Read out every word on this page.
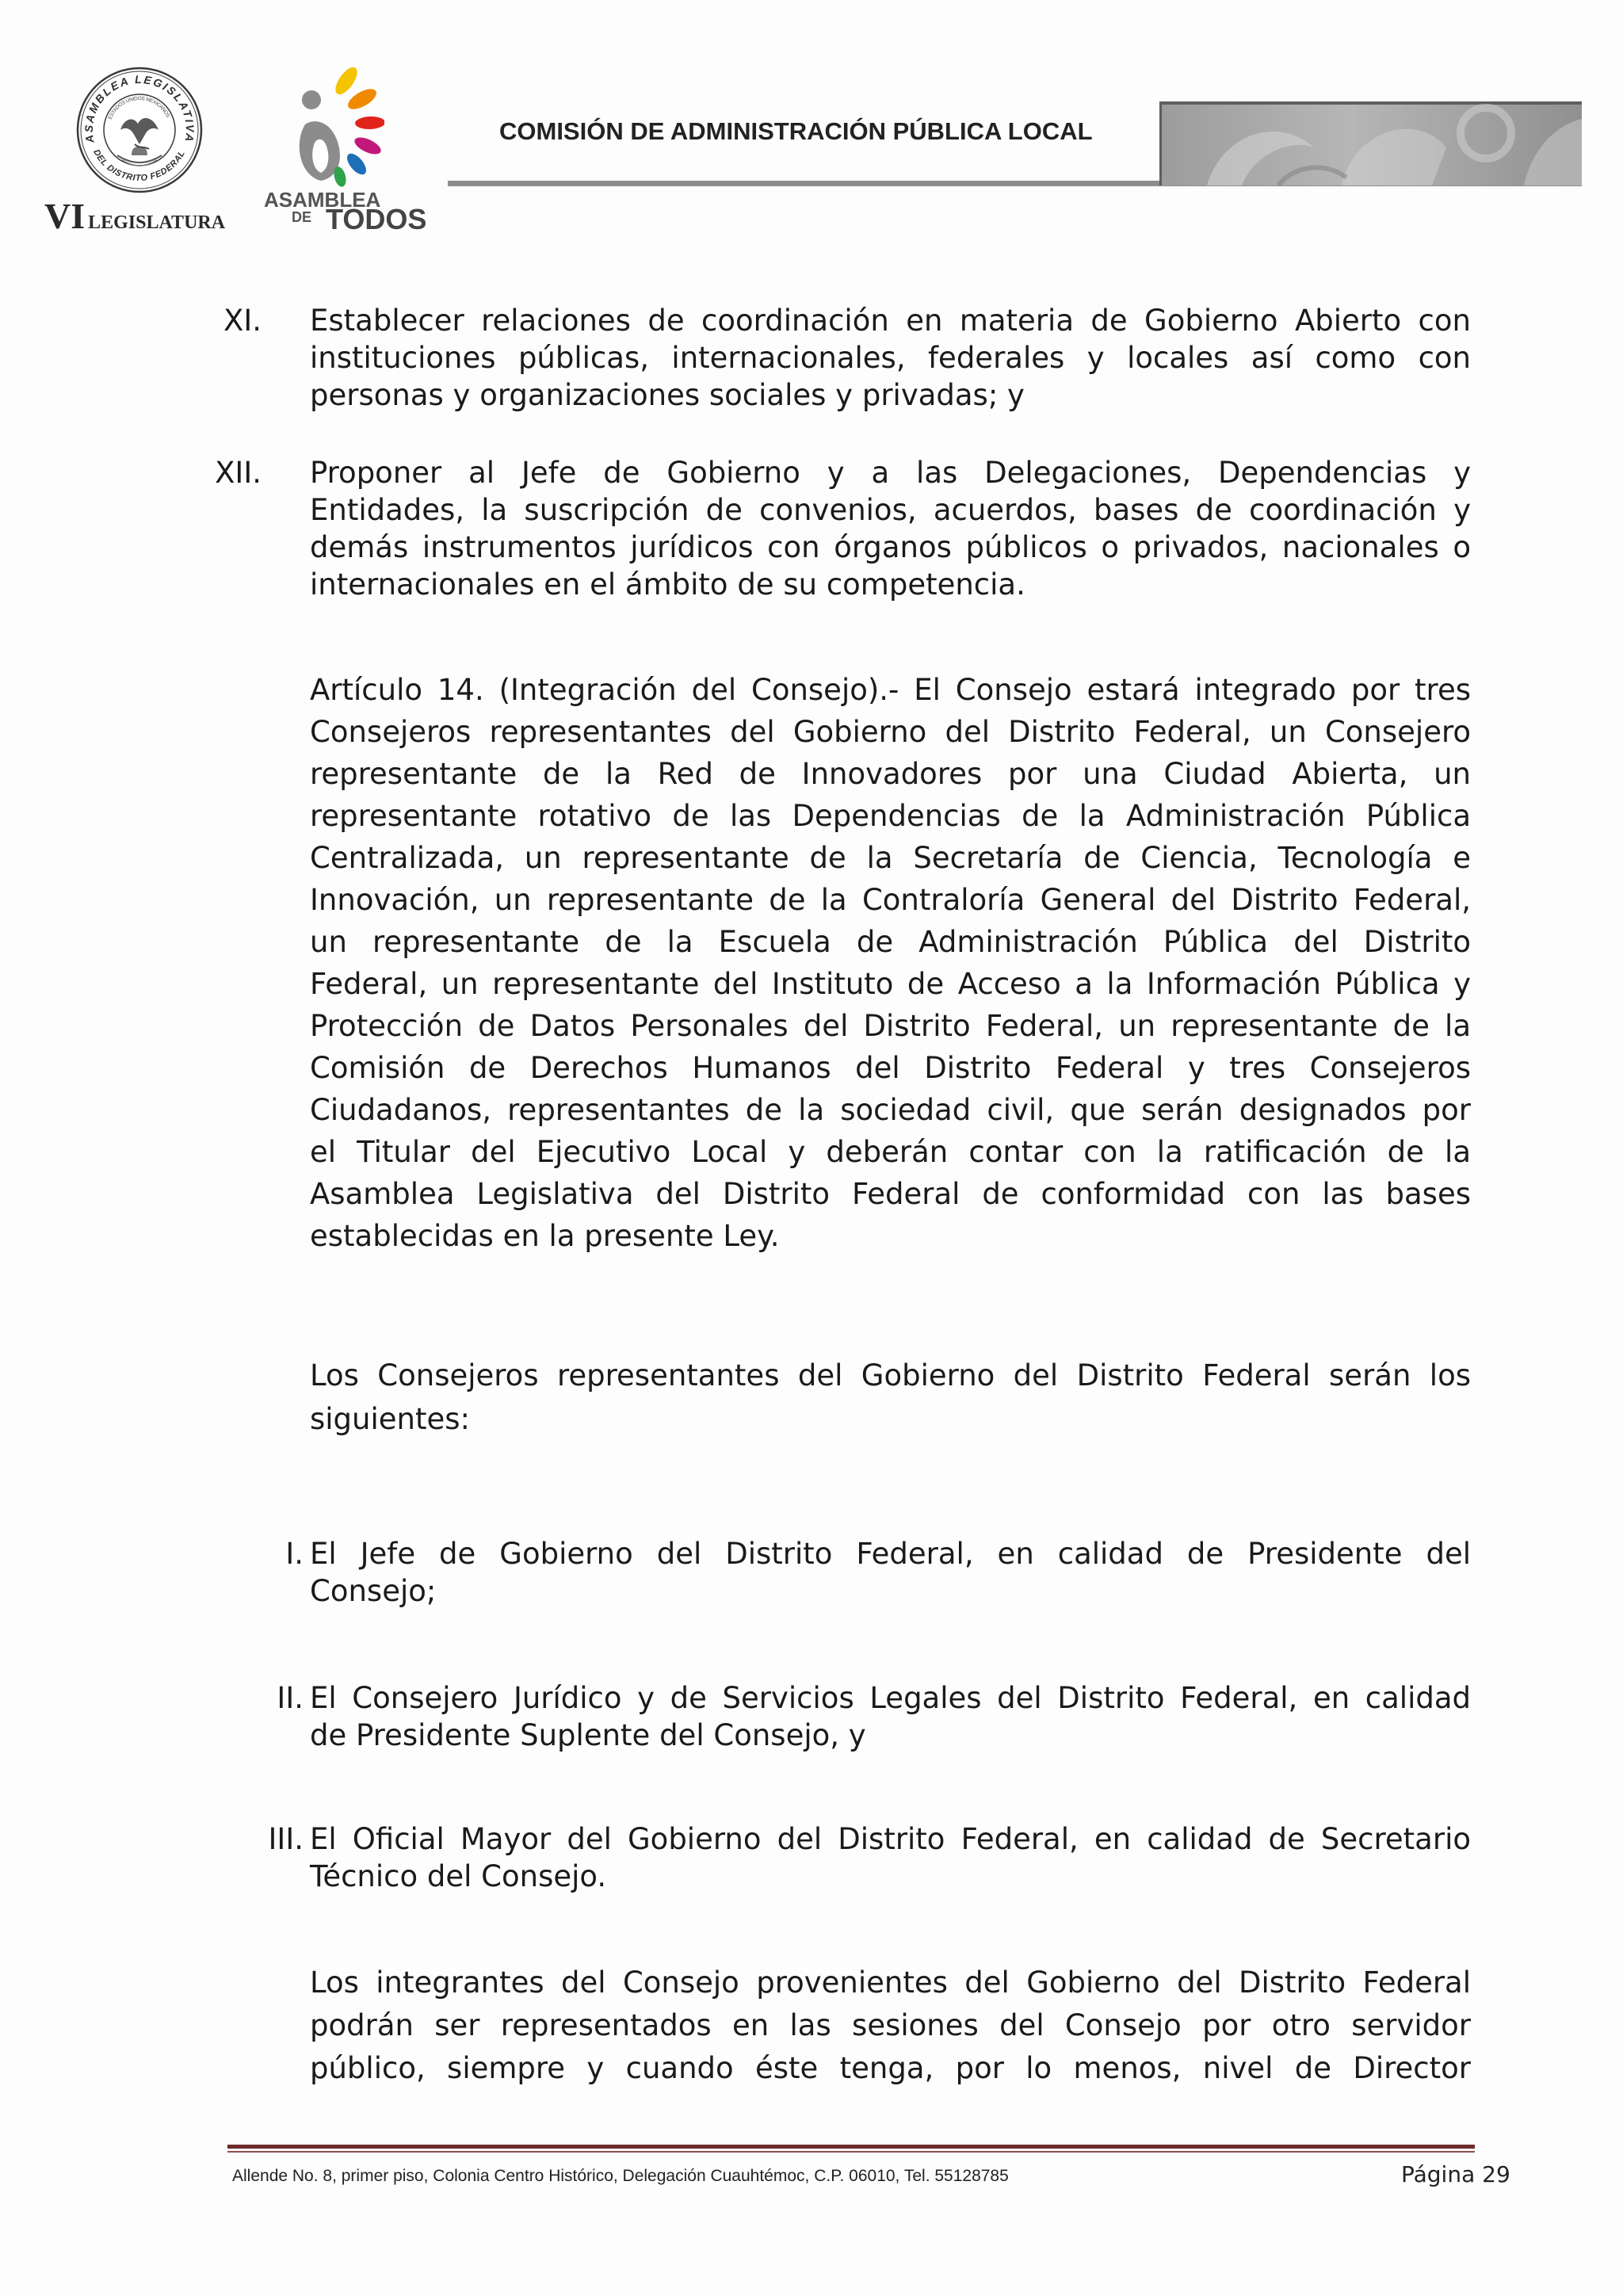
ASAMBLEA LEGISLATIVA
DEL DISTRITO FEDERAL
ESTADOS UNIDOS MEXICANOS
VI LEGISLATURA
ASAMBLEA
DE TODOS
COMISIÓN DE ADMINISTRACIÓN PÚBLICA LOCAL
XI. Establecer relaciones de coordinación en materia de Gobierno Abierto con
instituciones públicas, internacionales, federales y locales así como con
personas y organizaciones sociales y privadas; y
XII. Proponer al Jefe de Gobierno y a las Delegaciones, Dependencias y
Entidades, la suscripción de convenios, acuerdos, bases de coordinación y
demás instrumentos jurídicos con órganos públicos o privados, nacionales o
internacionales en el ámbito de su competencia.
Artículo 14. (Integración del Consejo).- El Consejo estará integrado por tres
Consejeros representantes del Gobierno del Distrito Federal, un Consejero
representante de la Red de Innovadores por una Ciudad Abierta, un
representante rotativo de las Dependencias de la Administración Pública
Centralizada, un representante de la Secretaría de Ciencia, Tecnología e
Innovación, un representante de la Contraloría General del Distrito Federal,
un representante de la Escuela de Administración Pública del Distrito
Federal, un representante del Instituto de Acceso a la Información Pública y
Protección de Datos Personales del Distrito Federal, un representante de la
Comisión de Derechos Humanos del Distrito Federal y tres Consejeros
Ciudadanos, representantes de la sociedad civil, que serán designados por
el Titular del Ejecutivo Local y deberán contar con la ratificación de la
Asamblea Legislativa del Distrito Federal de conformidad con las bases
establecidas en la presente Ley.
Los Consejeros representantes del Gobierno del Distrito Federal serán los
siguientes:
I. El Jefe de Gobierno del Distrito Federal, en calidad de Presidente del
Consejo;
II. El Consejero Jurídico y de Servicios Legales del Distrito Federal, en calidad
de Presidente Suplente del Consejo, y
III. El Oficial Mayor del Gobierno del Distrito Federal, en calidad de Secretario
Técnico del Consejo.
Los integrantes del Consejo provenientes del Gobierno del Distrito Federal
podrán ser representados en las sesiones del Consejo por otro servidor
público, siempre y cuando éste tenga, por lo menos, nivel de Director
Allende No. 8, primer piso, Colonia Centro Histórico, Delegación Cuauhtémoc, C.P. 06010, Tel. 55128785	Página 29
